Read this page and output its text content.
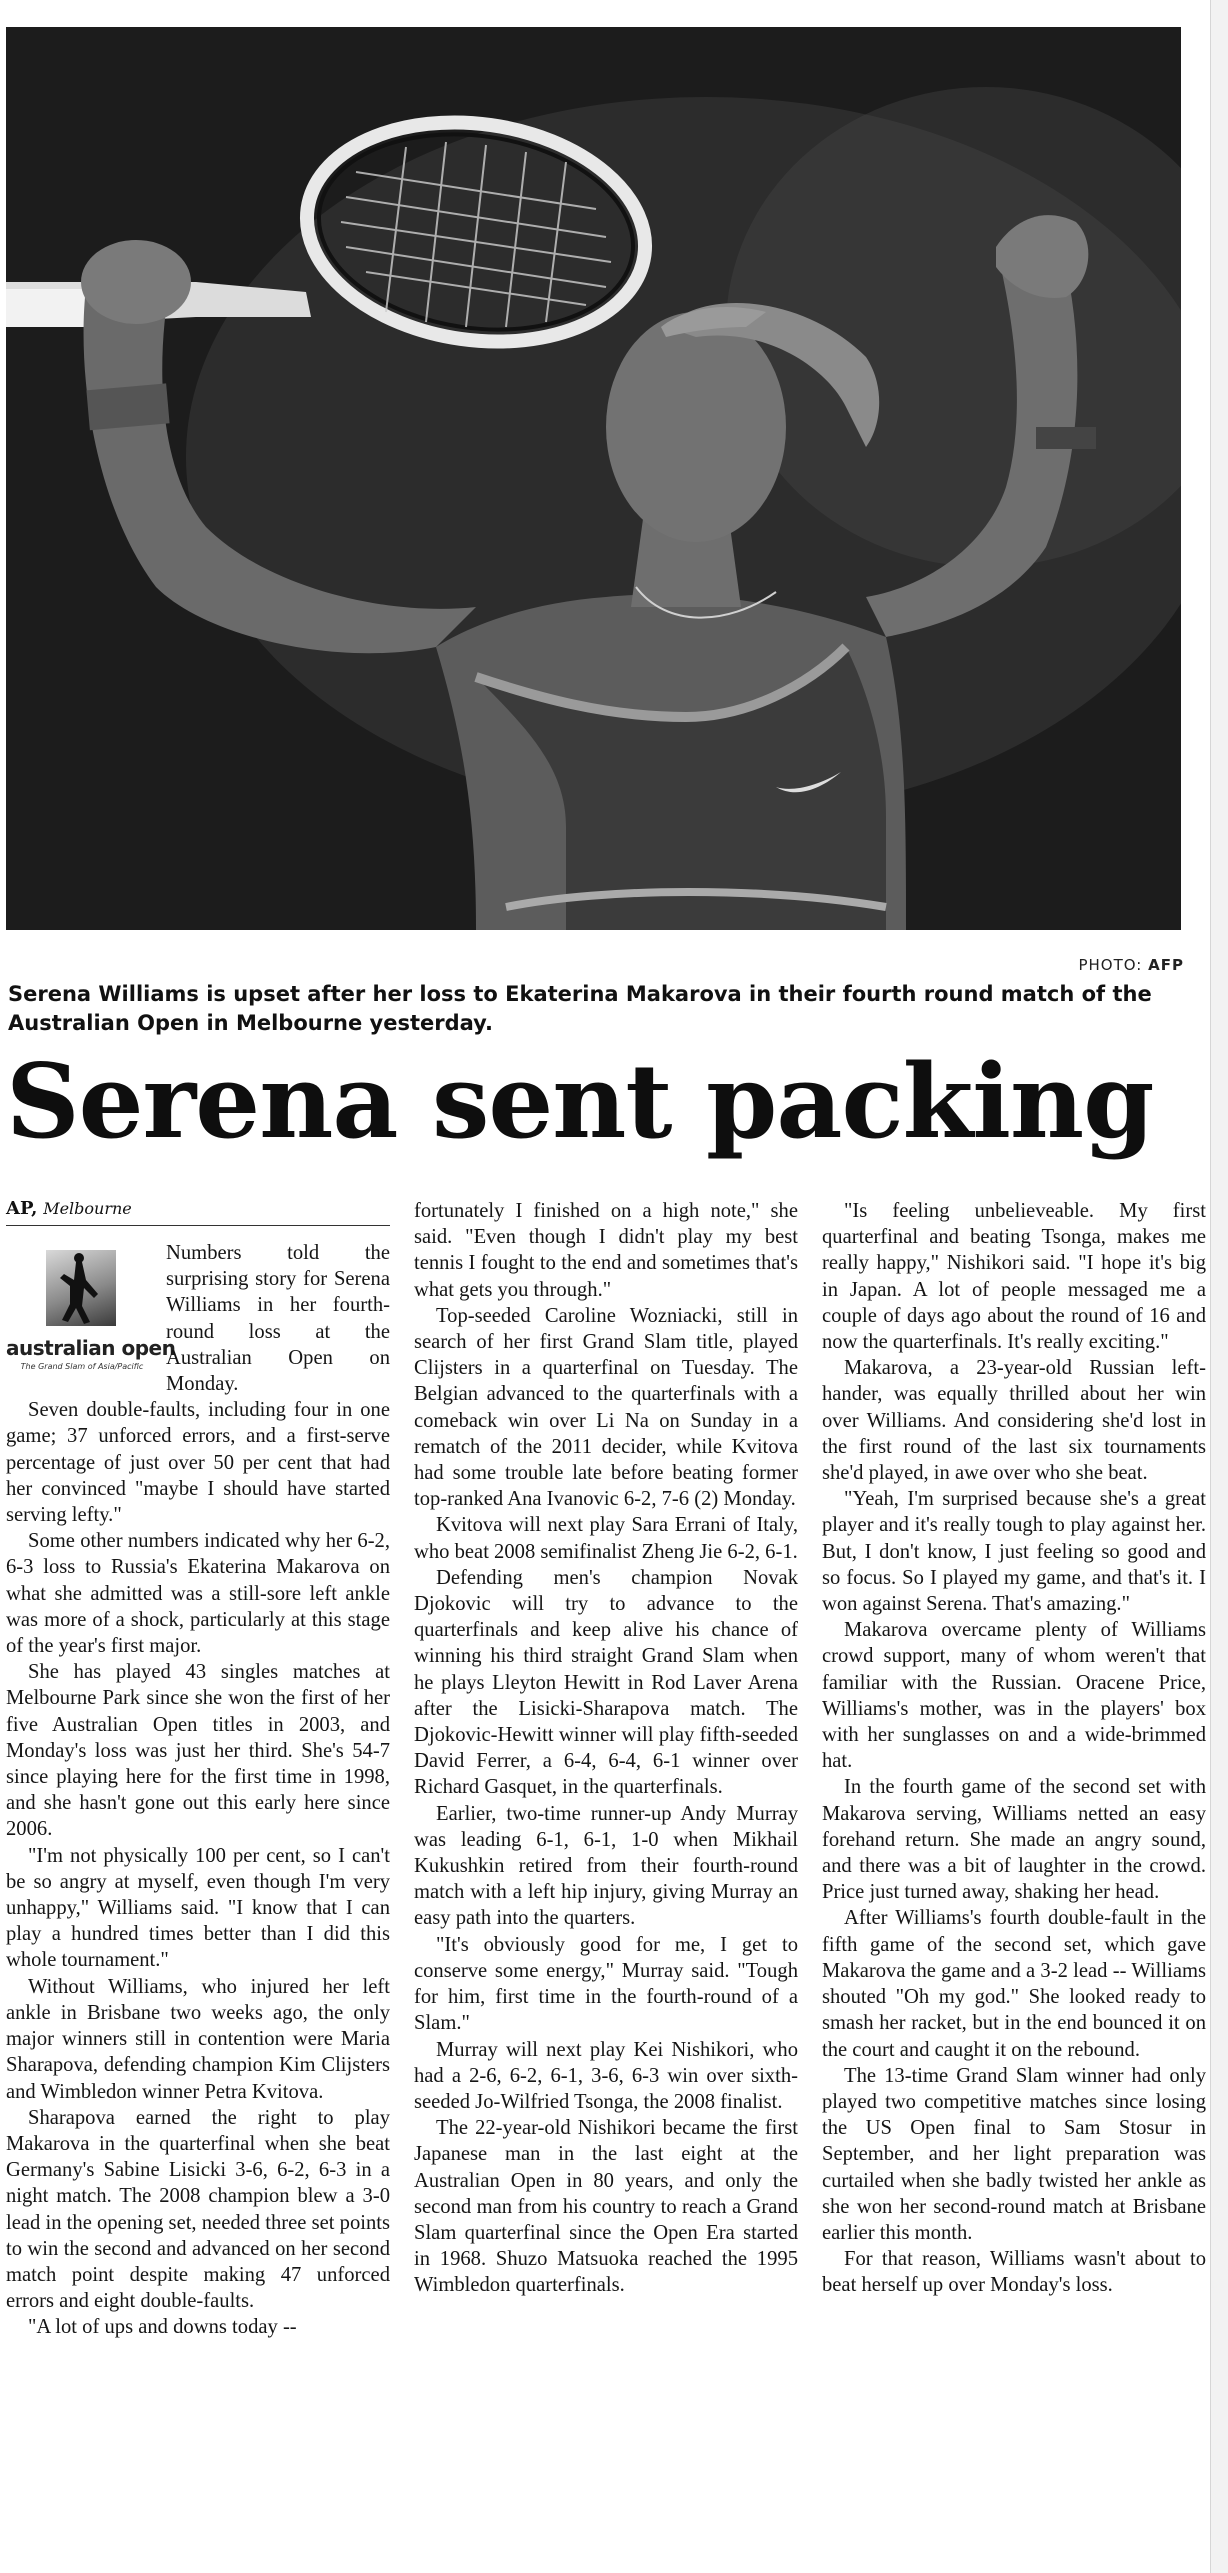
PHOTO: AFP
Serena Williams is upset after her loss to Ekaterina Makarova in their fourth round match of the Australian Open in Melbourne yesterday.
Serena sent packing
AP, Melbourne
australian open
The Grand Slam of Asia/Pacific

Numbers told the surprising story for Serena Williams in her fourth-round loss at the Australian Open on Monday.

Seven double-faults, including four in one game; 37 unforced errors, and a first-serve percentage of just over 50 per cent that had her convinced "maybe I should have started serving lefty."

Some other numbers indicated why her 6-2, 6-3 loss to Russia's Ekaterina Makarova on what she admitted was a still-sore left ankle was more of a shock, particularly at this stage of the year's first major.

She has played 43 singles matches at Melbourne Park since she won the first of her five Australian Open titles in 2003, and Monday's loss was just her third. She's 54-7 since playing here for the first time in 1998, and she hasn't gone out this early here since 2006.

"I'm not physically 100 per cent, so I can't be so angry at myself, even though I'm very unhappy," Williams said. "I know that I can play a hundred times better than I did this whole tournament."

Without Williams, who injured her left ankle in Brisbane two weeks ago, the only major winners still in contention were Maria Sharapova, defending champion Kim Clijsters and Wimbledon winner Petra Kvitova.

Sharapova earned the right to play Makarova in the quarterfinal when she beat Germany's Sabine Lisicki 3-6, 6-2, 6-3 in a night match. The 2008 champion blew a 3-0 lead in the opening set, needed three set points to win the second and advanced on her second match point despite making 47 unforced errors and eight double-faults.

"A lot of ups and downs today --

fortunately I finished on a high note," she said. "Even though I didn't play my best tennis I fought to the end and sometimes that's what gets you through."

Top-seeded Caroline Wozniacki, still in search of her first Grand Slam title, played Clijsters in a quarterfinal on Tuesday. The Belgian advanced to the quarterfinals with a comeback win over Li Na on Sunday in a rematch of the 2011 decider, while Kvitova had some trouble late before beating former top-ranked Ana Ivanovic 6-2, 7-6 (2) Monday.

Kvitova will next play Sara Errani of Italy, who beat 2008 semifinalist Zheng Jie 6-2, 6-1.

Defending men's champion Novak Djokovic will try to advance to the quarterfinals and keep alive his chance of winning his third straight Grand Slam when he plays Lleyton Hewitt in Rod Laver Arena after the Lisicki-Sharapova match. The Djokovic-Hewitt winner will play fifth-seeded David Ferrer, a 6-4, 6-4, 6-1 winner over Richard Gasquet, in the quarterfinals.

Earlier, two-time runner-up Andy Murray was leading 6-1, 6-1, 1-0 when Mikhail Kukushkin retired from their fourth-round match with a left hip injury, giving Murray an easy path into the quarters.

"It's obviously good for me, I get to conserve some energy," Murray said. "Tough for him, first time in the fourth-round of a Slam."

Murray will next play Kei Nishikori, who had a 2-6, 6-2, 6-1, 3-6, 6-3 win over sixth-seeded Jo-Wilfried Tsonga, the 2008 finalist.

The 22-year-old Nishikori became the first Japanese man in the last eight at the Australian Open in 80 years, and only the second man from his country to reach a Grand Slam quarterfinal since the Open Era started in 1968. Shuzo Matsuoka reached the 1995 Wimbledon quarterfinals.

"Is feeling unbelieveable. My first quarterfinal and beating Tsonga, makes me really happy," Nishikori said. "I hope it's big in Japan. A lot of people messaged me a couple of days ago about the round of 16 and now the quarterfinals. It's really exciting."

Makarova, a 23-year-old Russian left-hander, was equally thrilled about her win over Williams. And considering she'd lost in the first round of the last six tournaments she'd played, in awe over who she beat.

"Yeah, I'm surprised because she's a great player and it's really tough to play against her. But, I don't know, I just feeling so good and so focus. So I played my game, and that's it. I won against Serena. That's amazing."

Makarova overcame plenty of Williams crowd support, many of whom weren't that familiar with the Russian. Oracene Price, Williams's mother, was in the players' box with her sunglasses on and a wide-brimmed hat.

In the fourth game of the second set with Makarova serving, Williams netted an easy forehand return. She made an angry sound, and there was a bit of laughter in the crowd. Price just turned away, shaking her head.

After Williams's fourth double-fault in the fifth game of the second set, which gave Makarova the game and a 3-2 lead -- Williams shouted "Oh my god." She looked ready to smash her racket, but in the end bounced it on the court and caught it on the rebound.

The 13-time Grand Slam winner had only played two competitive matches since losing the US Open final to Sam Stosur in September, and her light preparation was curtailed when she badly twisted her ankle as she won her second-round match at Brisbane earlier this month.

For that reason, Williams wasn't about to beat herself up over Monday's loss.
